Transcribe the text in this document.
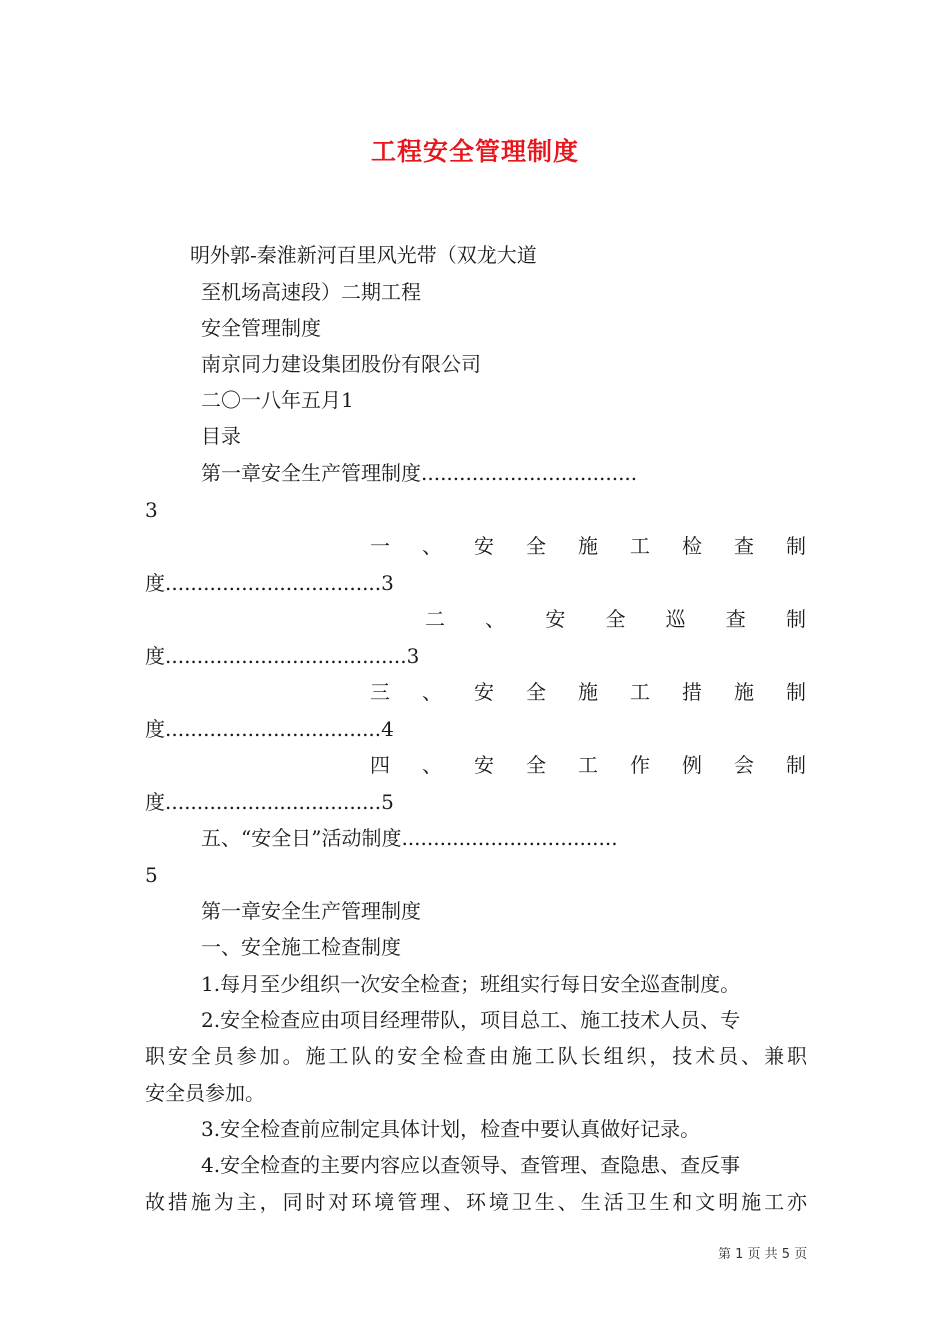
工程安全管理制度
明外郭-秦淮新河百里风光带（双龙大道
至机场高速段）二期工程
安全管理制度
南京同力建设集团股份有限公司
二〇一八年五月1
目录
第一章安全生产管理制度..................................
3
一 、 安 全 施 工 检 查 制
度..................................3
二 、 安 全 巡 查 制
度......................................3
三 、 安 全 施 工 措 施 制
度..................................4
四 、 安 全 工 作 例 会 制
度..................................5
五、“安全日”活动制度..................................
5
第一章安全生产管理制度
一、安全施工检查制度
1.每月至少组织一次安全检查；班组实行每日安全巡查制度。
2.安全检查应由项目经理带队，项目总工、施工技术人员、专
职安全员参加。施工队的安全检查由施工队长组织，技术员、兼职
安全员参加。
3.安全检查前应制定具体计划，检查中要认真做好记录。
4.安全检查的主要内容应以查领导、查管理、查隐患、查反事
故措施为主，同时对环境管理、环境卫生、生活卫生和文明施工亦
第 1 页 共 5 页
